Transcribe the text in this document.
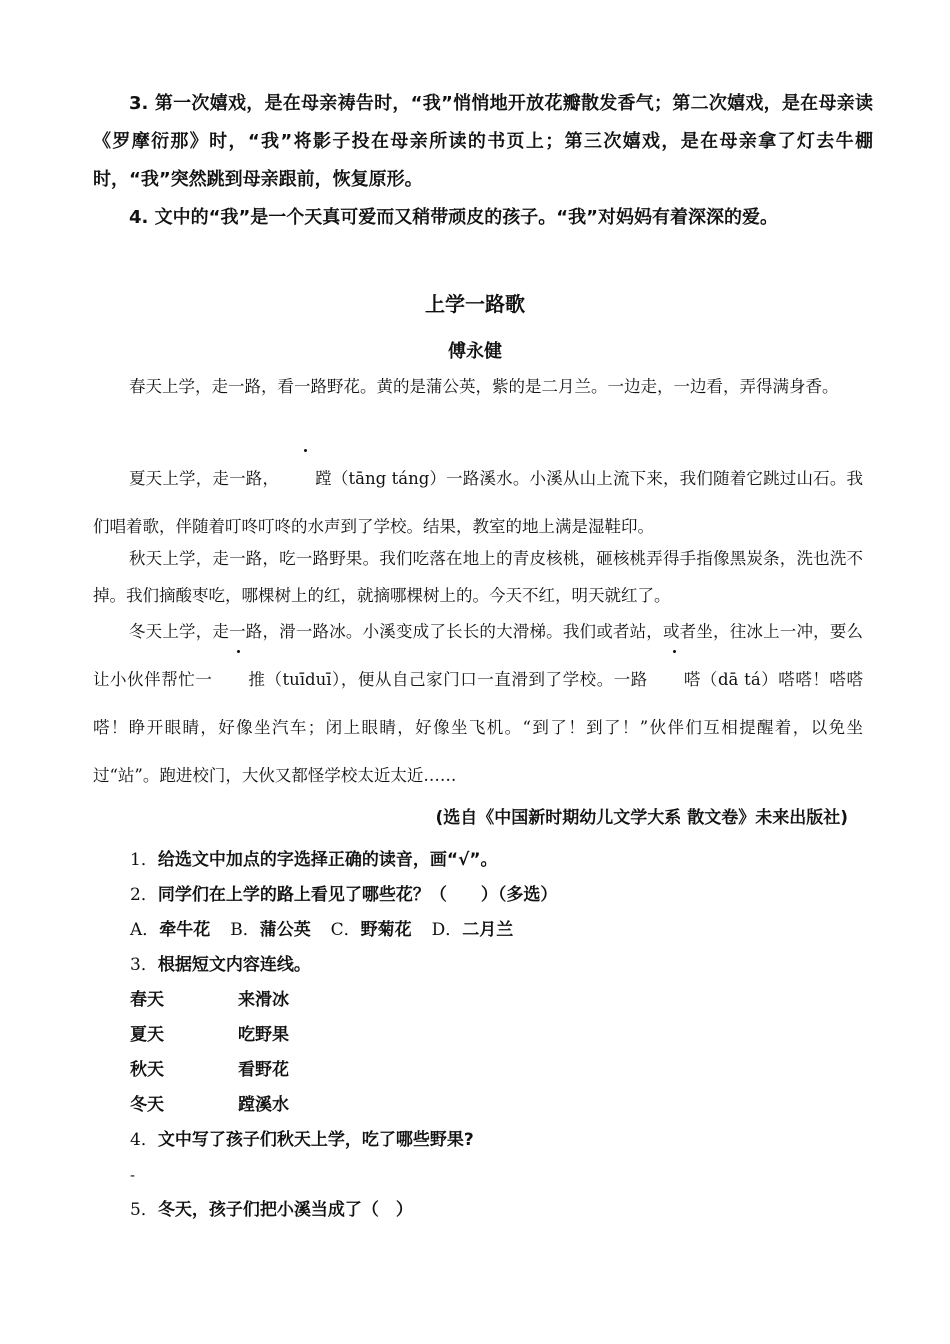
3. 第一次嬉戏，是在母亲祷告时，“我”悄悄地开放花瓣散发香气；第二次嬉戏，是在母亲读《罗摩衍那》时，“我”将影子投在母亲所读的书页上；第三次嬉戏，是在母亲拿了灯去牛棚时，“我”突然跳到母亲跟前，恢复原形。

4. 文中的“我”是一个天真可爱而又稍带顽皮的孩子。“我”对妈妈有着深深的爱。

上学一路歌
傅永健

春天上学，走一路，看一路野花。黄的是蒲公英，紫的是二月兰。一边走，一边看，弄得满身香。

夏天上学，走一路， 蹚（tāng táng）一路溪水。小溪从山上流下来，我们随着它跳过山石。我们唱着歌，伴随着叮咚叮咚的水声到了学校。结果，教室的地上满是湿鞋印。

秋天上学，走一路，吃一路野果。我们吃落在地上的青皮核桃，砸核桃弄得手指像黑炭条，洗也洗不掉。我们摘酸枣吃，哪棵树上的红，就摘哪棵树上的。今天不红，明天就红了。

冬天上学，走一路，滑一路冰。小溪变成了长长的大滑梯。我们或者站，或者坐，往冰上一冲，要么让小伙伴帮忙一 推（tuīduī），便从自己家门口一直滑到了学校。一路 嗒（dā tá）嗒嗒！嗒嗒嗒！睁开眼睛，好像坐汽车；闭上眼睛，好像坐飞机。“到了！到了！”伙伴们互相提醒着，以免坐过“站”。跑进校门，大伙又都怪学校太近太近……

(选自《中国新时期幼儿文学大系 散文卷》未来出版社)
1．给选文中加点的字选择正确的读音，画“√”。
2．同学们在上学的路上看见了哪些花？（　　）（多选）
A．牵牛花 B．蒲公英 C．野菊花 D．二月兰
3．根据短文内容连线。
春天	来滑冰
夏天	吃野果
秋天	看野花
冬天	蹚溪水
4．文中写了孩子们秋天上学，吃了哪些野果?
-
5．冬天，孩子们把小溪当成了（　）
